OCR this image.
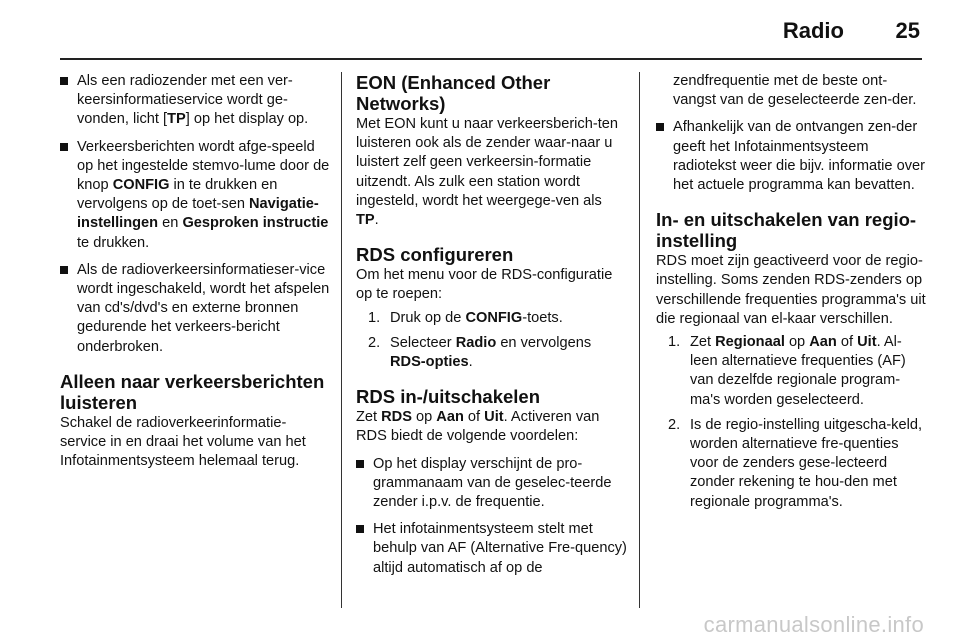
Radio 25
Als een radiozender met een ver-keersinformatieservice wordt ge-vonden, licht [TP] op het display op.
Verkeersberichten wordt afge-speeld op het ingestelde stemvo-lume door de knop CONFIG in te drukken en vervolgens op de toet-sen Navigatie-instellingen en Gesproken instructie te drukken.
Als de radioverkeersinformatieser-vice wordt ingeschakeld, wordt het afspelen van cd's/dvd's en externe bronnen gedurende het verkeers-bericht onderbroken.
Alleen naar verkeersberichten luisteren

Schakel de radioverkeerinformatie-service in en draai het volume van het Infotainmentsysteem helemaal terug.

EON (Enhanced Other Networks)

Met EON kunt u naar verkeersberich-ten luisteren ook als de zender waar-naar u luistert zelf geen verkeersin-formatie uitzendt. Als zulk een station wordt ingesteld, wordt het weergege-ven als TP.

RDS configureren

Om het menu voor de RDS-configuratie op te roepen:

1. Druk op de CONFIG-toets.
2. Selecteer Radio en vervolgens RDS-opties.
RDS in-/uitschakelen

Zet RDS op Aan of Uit. Activeren van RDS biedt de volgende voordelen:

Op het display verschijnt de pro-grammanaam van de geselec-teerde zender i.p.v. de frequentie.
Het infotainmentsysteem stelt met behulp van AF (Alternative Fre-quency) altijd automatisch af op de

zendfrequentie met de beste ont-vangst van de geselecteerde zen-der.

Afhankelijk van de ontvangen zen-der geeft het Infotainmentsysteem radiotekst weer die bijv. informatie over het actuele programma kan bevatten.
In- en uitschakelen van regio-instelling

RDS moet zijn geactiveerd voor de regio-instelling. Soms zenden RDS-zenders op verschillende frequenties programma's uit die regionaal van el-kaar verschillen.

1. Zet Regionaal op Aan of Uit. Al-leen alternatieve frequenties (AF) van dezelfde regionale program-ma's worden geselecteerd.
2. Is de regio-instelling uitgescha-keld, worden alternatieve fre-quenties voor de zenders gese-lecteerd zonder rekening te hou-den met regionale programma's.
carmanualsonline.info
